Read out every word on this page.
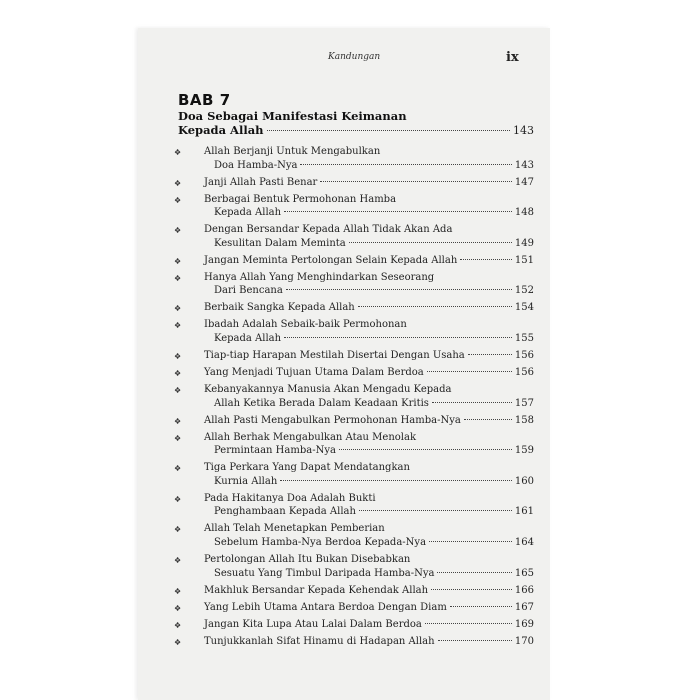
Kandungan	ix
BAB 7
Doa Sebagai Manifestasi Keimanan
Kepada Allah	143
❖ Allah Berjanji Untuk Mengabulkan
Doa Hamba-Nya	143
❖ Janji Allah Pasti Benar	147
❖ Berbagai Bentuk Permohonan Hamba
Kepada Allah	148
❖ Dengan Bersandar Kepada Allah Tidak Akan Ada
Kesulitan Dalam Meminta	149
❖ Jangan Meminta Pertolongan Selain Kepada Allah	151
❖ Hanya Allah Yang Menghindarkan Seseorang
Dari Bencana	152
❖ Berbaik Sangka Kepada Allah	154
❖ Ibadah Adalah Sebaik-baik Permohonan
Kepada Allah	155
❖ Tiap-tiap Harapan Mestilah Disertai Dengan Usaha	156
❖ Yang Menjadi Tujuan Utama Dalam Berdoa	156
❖ Kebanyakannya Manusia Akan Mengadu Kepada
Allah Ketika Berada Dalam Keadaan Kritis	157
❖ Allah Pasti Mengabulkan Permohonan Hamba-Nya	158
❖ Allah Berhak Mengabulkan Atau Menolak
Permintaan Hamba-Nya	159
❖ Tiga Perkara Yang Dapat Mendatangkan
Kurnia Allah	160
❖ Pada Hakitanya Doa Adalah Bukti
Penghambaan Kepada Allah	161
❖ Allah Telah Menetapkan Pemberian
Sebelum Hamba-Nya Berdoa Kepada-Nya	164
❖ Pertolongan Allah Itu Bukan Disebabkan
Sesuatu Yang Timbul Daripada Hamba-Nya	165
❖ Makhluk Bersandar Kepada Kehendak Allah	166
❖ Yang Lebih Utama Antara Berdoa Dengan Diam	167
❖ Jangan Kita Lupa Atau Lalai Dalam Berdoa	169
❖ Tunjukkanlah Sifat Hinamu di Hadapan Allah	170
